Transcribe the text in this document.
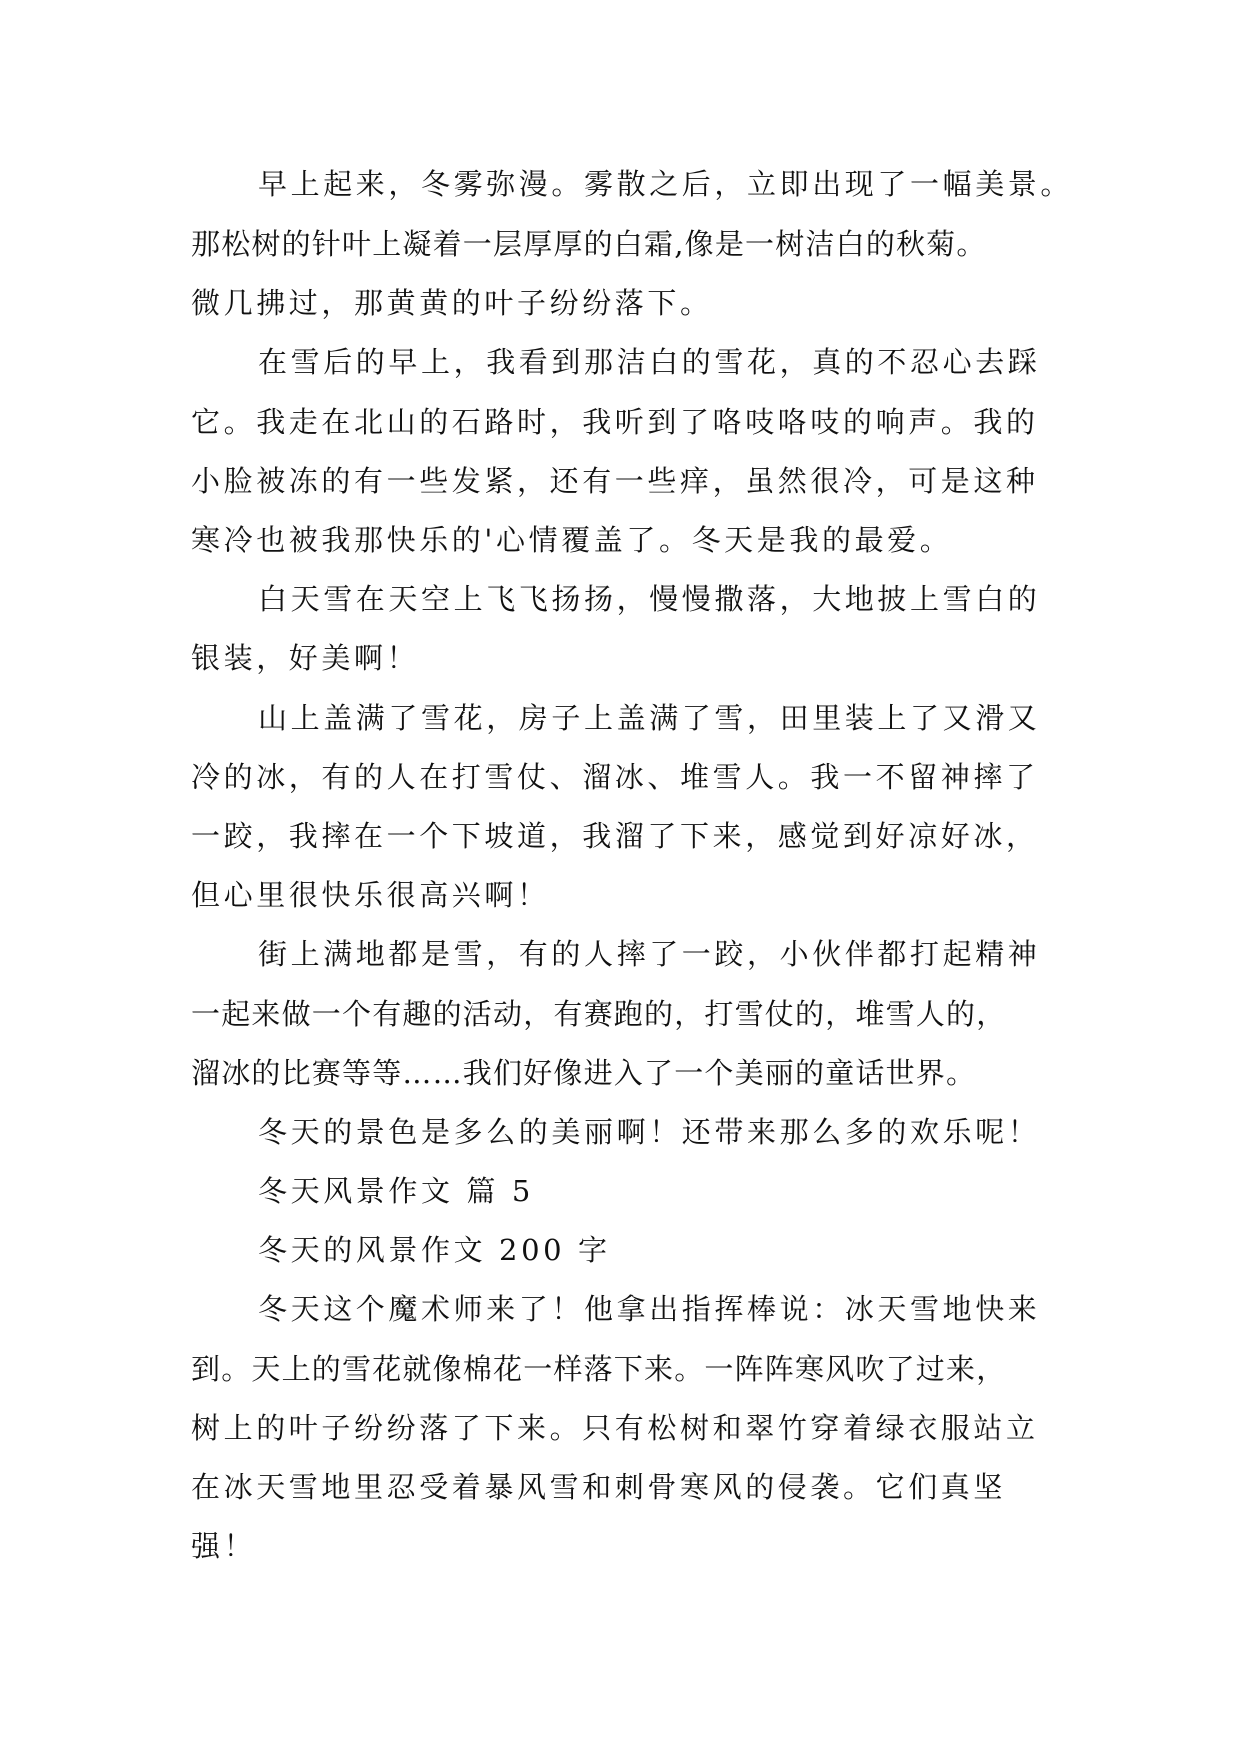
早上起来，冬雾弥漫。雾散之后，立即出现了一幅美景。
那松树的针叶上凝着一层厚厚的白霜,像是一树洁白的秋菊。
微几拂过，那黄黄的叶子纷纷落下。
在雪后的早上，我看到那洁白的雪花，真的不忍心去踩
它。我走在北山的石路时，我听到了咯吱咯吱的响声。我的
小脸被冻的有一些发紧，还有一些痒，虽然很冷，可是这种
寒冷也被我那快乐的'心情覆盖了。冬天是我的最爱。
白天雪在天空上飞飞扬扬，慢慢撒落，大地披上雪白的
银装，好美啊！
山上盖满了雪花，房子上盖满了雪，田里装上了又滑又
冷的冰，有的人在打雪仗、溜冰、堆雪人。我一不留神摔了
一跤，我摔在一个下坡道，我溜了下来，感觉到好凉好冰，
但心里很快乐很高兴啊！
街上满地都是雪，有的人摔了一跤，小伙伴都打起精神
一起来做一个有趣的活动，有赛跑的，打雪仗的，堆雪人的，
溜冰的比赛等等……我们好像进入了一个美丽的童话世界。
冬天的景色是多么的美丽啊！还带来那么多的欢乐呢！
冬天风景作文 篇 5
冬天的风景作文 200 字
冬天这个魔术师来了！他拿出指挥棒说：冰天雪地快来
到。天上的雪花就像棉花一样落下来。一阵阵寒风吹了过来，
树上的叶子纷纷落了下来。只有松树和翠竹穿着绿衣服站立
在冰天雪地里忍受着暴风雪和刺骨寒风的侵袭。它们真坚
强！
